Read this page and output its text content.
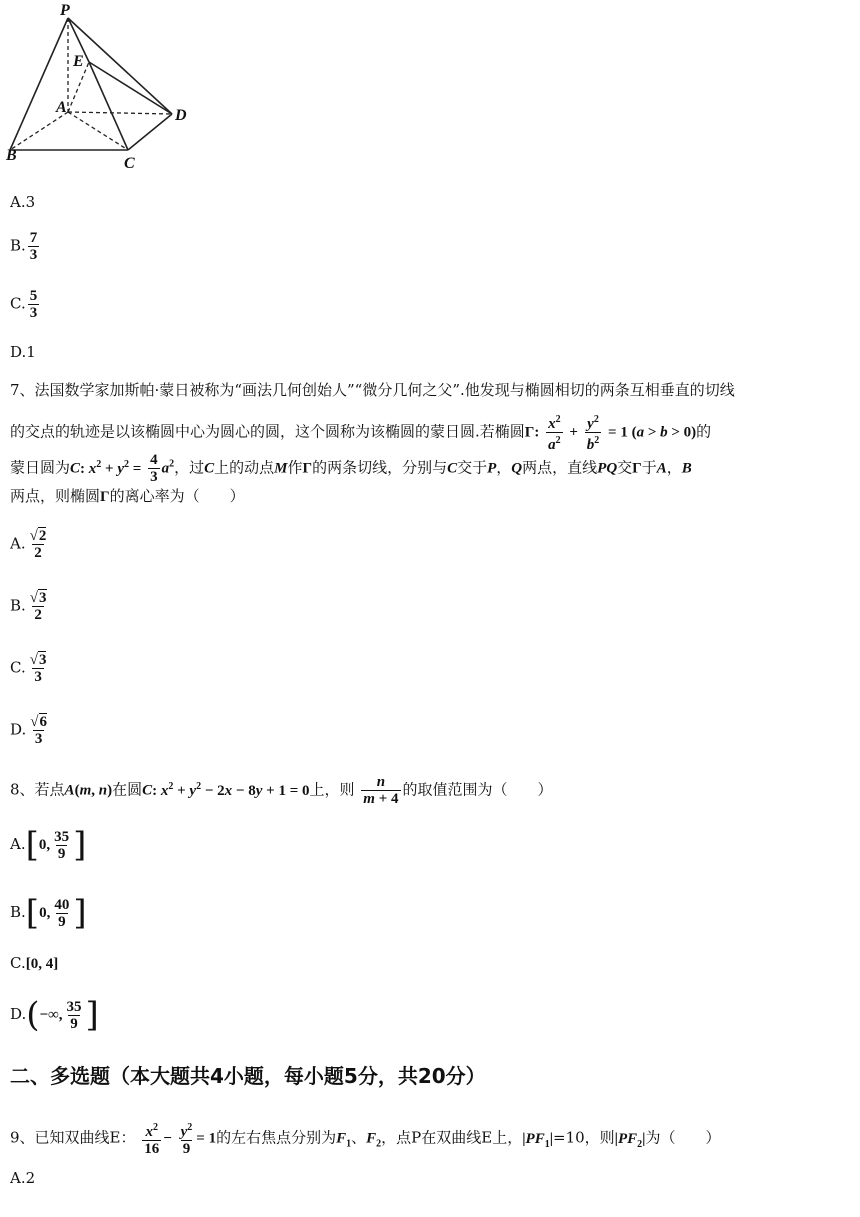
P
E
A	D
B	C
A.3
B. $\frac{7}{3}$
C. $\frac{5}{3}$
D.1
7、法国数学家加斯帕·蒙日被称为“画法几何创始人”“微分几何之父”.他发现与椭圆相切的两条互相垂直的切线
的交点的轨迹是以该椭圆中心为圆心的圆，这个圆称为该椭圆的蒙日圆.若椭圆Γ: $\frac{x^2}{a^2} + \frac{y^2}{b^2} = 1$ (a > b > 0)的
蒙日圆为C: $x^2 + y^2 = \frac{4}{3} a^2$，过C上的动点M作Γ的两条切线，分别与C交于P，Q两点，直线PQ交Γ于A，B
两点，则椭圆Γ的离心率为（　　）
A. $\frac{√2}{2}$
B. $\frac{√3}{2}$
C. $\frac{√3}{3}$
D. $\frac{√6}{3}$
8、若点A(m, n)在圆C: $x^2 + y^2 - 2x - 8y + 1 = 0$上，则 $\frac{n}{m + 4}$ 的取值范围为（　　）
A.[0, $\frac{35}{9}$ ]
B.[0, $\frac{40}{9}$ ]
C.[0, 4]
D.(−∞, $\frac{35}{9}$ ]
二、多选题（本大题共4小题，每小题5分，共20分）
9、已知双曲线E： $\frac{x^2}{16} - \frac{y^2}{9} = 1$的左右焦点分别为$F_1$、$F_2$，点P在双曲线E上，$|PF_1|=10$，则$|PF_2|$为（　　）
A.2
